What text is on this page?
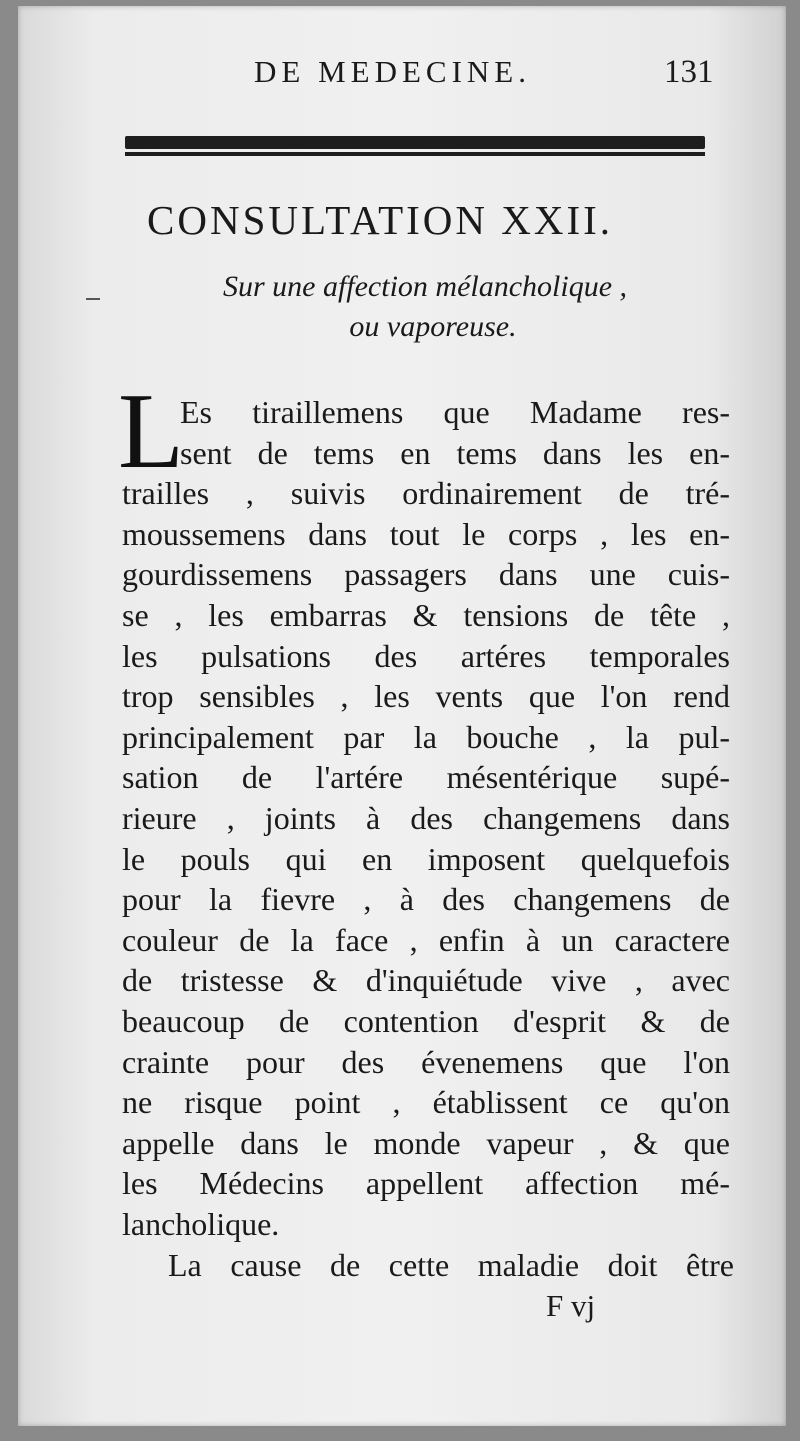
DE MEDECINE.	131
CONSULTATION XXII.
Sur une affection mélancholique ,
ou vaporeuse.
L
Es tiraillemens que Madame res-
sent de tems en tems dans les en-
trailles , suivis ordinairement de tré-
moussemens dans tout le corps , les en-
gourdissemens passagers dans une cuis-
se , les embarras & tensions de tête ,
les pulsations des artéres temporales
trop sensibles , les vents que l'on rend
principalement par la bouche , la pul-
sation de l'artére mésentérique supé-
rieure , joints à des changemens dans
le pouls qui en imposent quelquefois
pour la fievre , à des changemens de
couleur de la face , enfin à un caractere
de tristesse & d'inquiétude vive , avec
beaucoup de contention d'esprit & de
crainte pour des évenemens que l'on
ne risque point , établissent ce qu'on
appelle dans le monde vapeur , & que
les Médecins appellent affection mé-
lancholique.
La cause de cette maladie doit être
F vj
